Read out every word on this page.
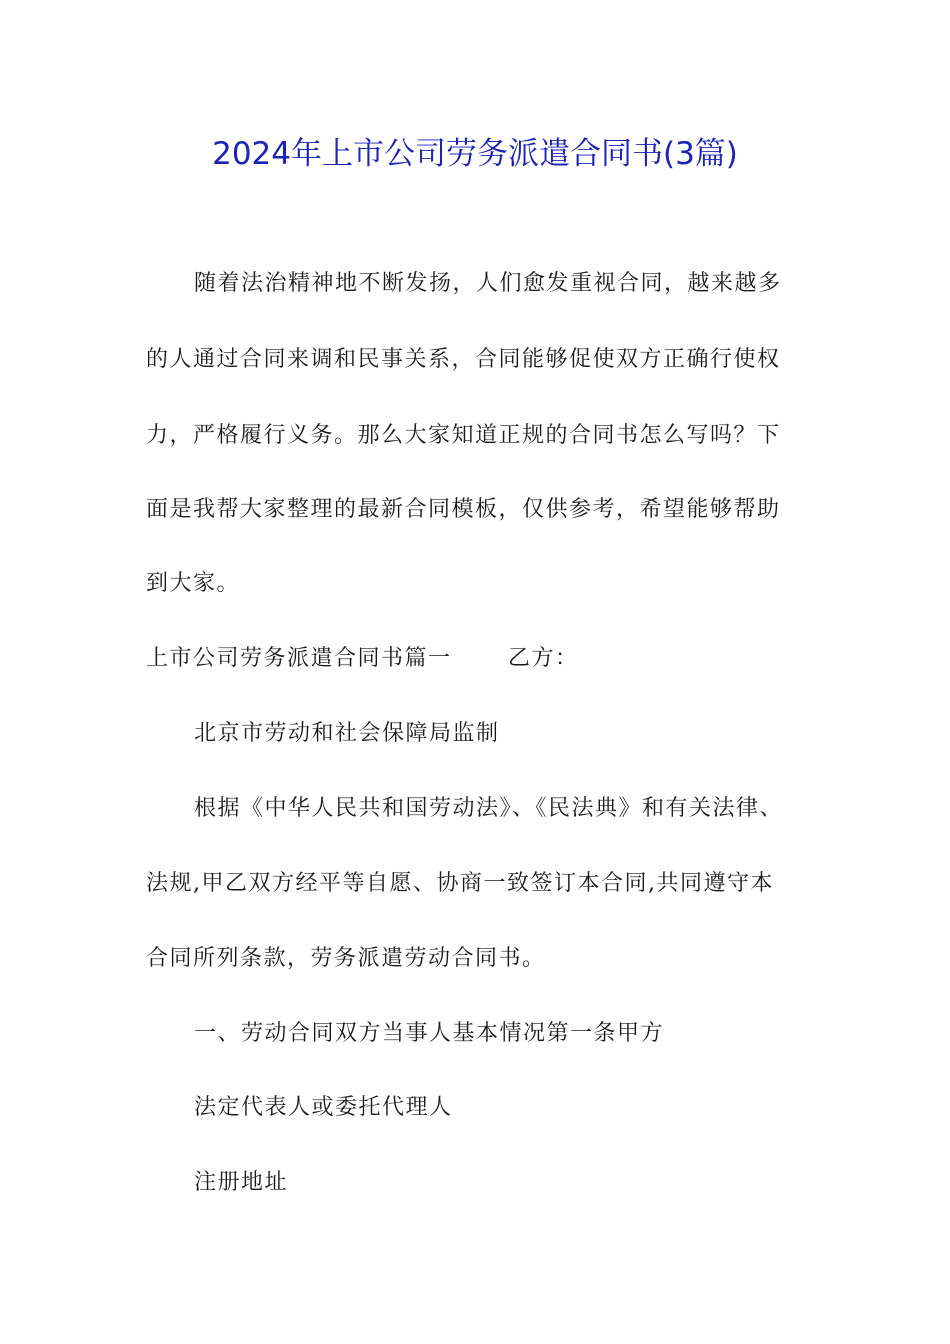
2024年上市公司劳务派遣合同书(3篇)
随着法治精神地不断发扬，人们愈发重视合同，越来越多
的人通过合同来调和民事关系，合同能够促使双方正确行使权
力，严格履行义务。那么大家知道正规的合同书怎么写吗？下
面是我帮大家整理的最新合同模板，仅供参考，希望能够帮助
到大家。
上市公司劳务派遣合同书篇一	乙方：
北京市劳动和社会保障局监制
根据《中华人民共和国劳动法》、《民法典》和有关法律、
法规,甲乙双方经平等自愿、协商一致签订本合同,共同遵守本
合同所列条款，劳务派遣劳动合同书。
一、劳动合同双方当事人基本情况第一条甲方
法定代表人或委托代理人
注册地址
